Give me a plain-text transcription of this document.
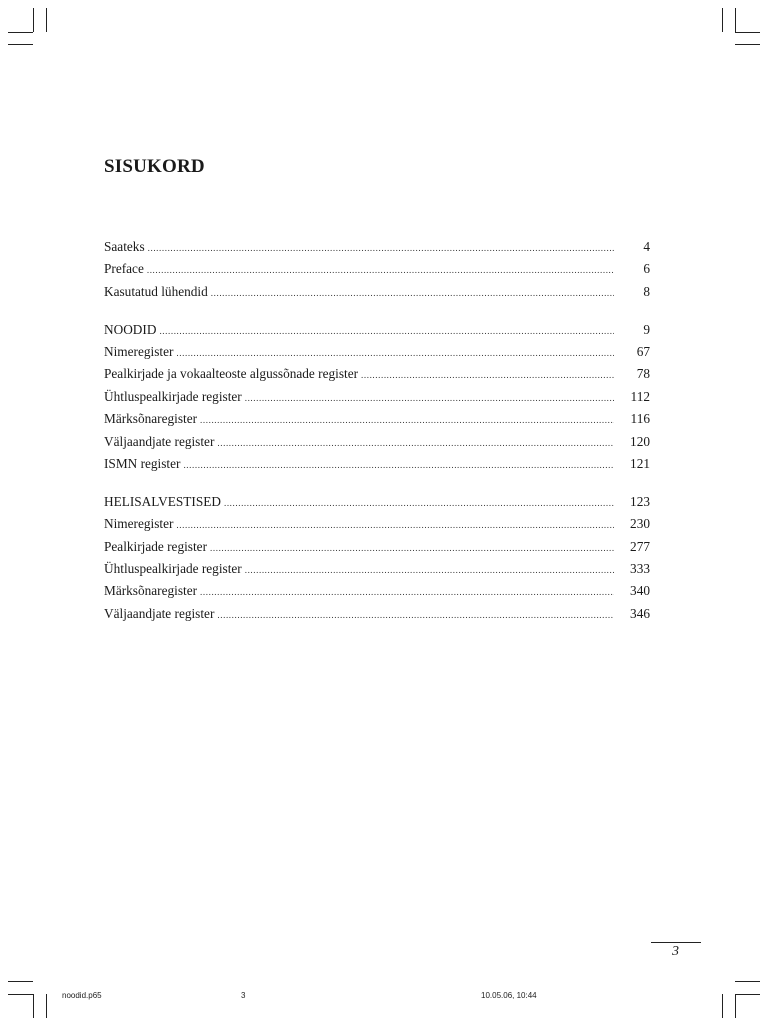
SISUKORD
Saateks .....	4
Preface .....	6
Kasutatud lühendid .....	8
NOODID .....	9
Nimeregister .....	67
Pealkirjade ja vokaalteoste algussõnade register .....	78
Ühtluspealkirjade register .....	112
Märksõnaregister .....	116
Väljaandjate register .....	120
ISMN register .....	121
HELISALVESTISED .....	123
Nimeregister .....	230
Pealkirjade register .....	277
Ühtluspealkirjade register .....	333
Märksõnaregister .....	340
Väljaandjate register .....	346
3
noodid.p65	3	10.05.06, 10:44
